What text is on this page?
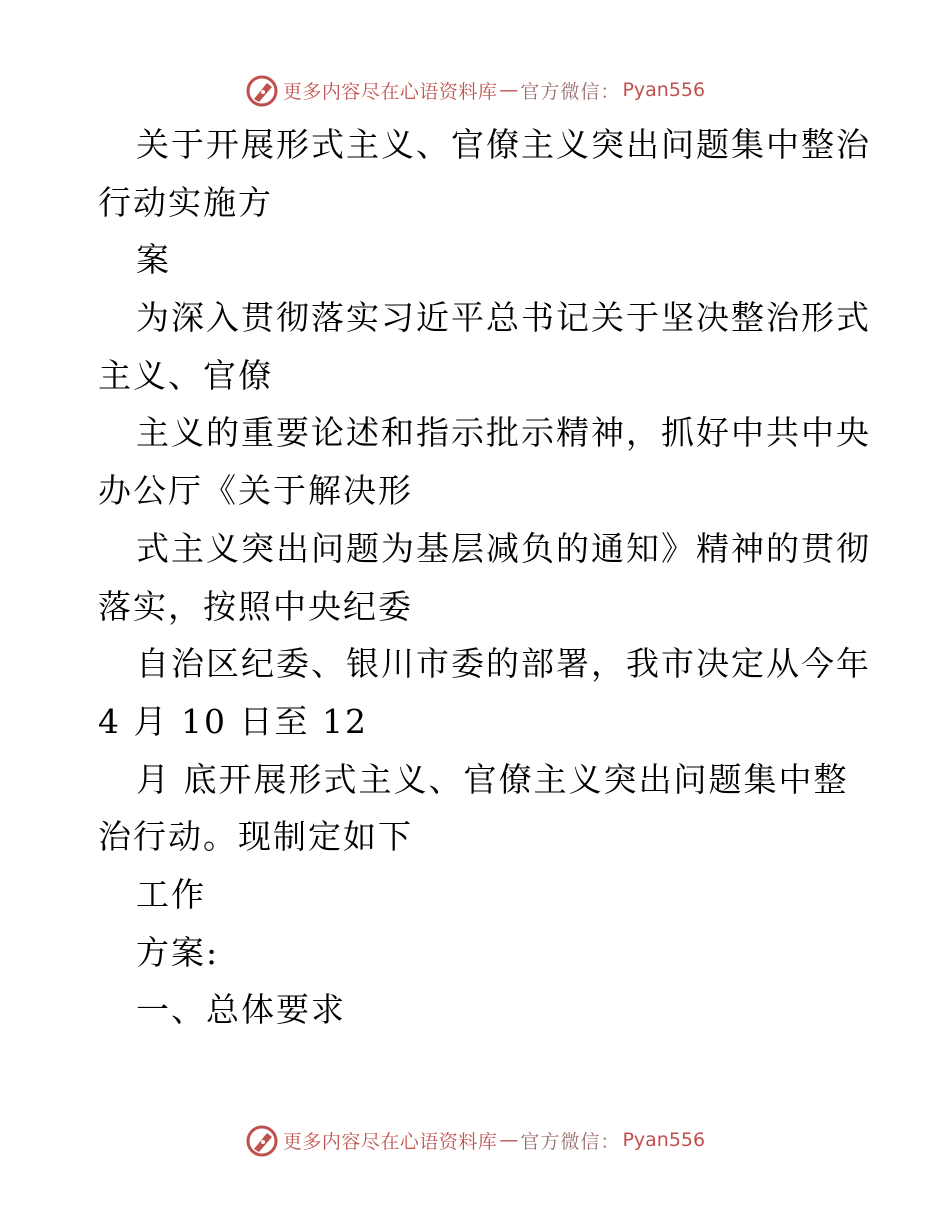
更多内容尽在心语资料库 — 官方微信： Pyan556
关于开展形式主义、官僚主义突出问题集中整治
行动实施方
案
为深入贯彻落实习近平总书记关于坚决整治形式
主义、官僚
主义的重要论述和指示批示精神，抓好中共中央
办公厅《关于解决形
式主义突出问题为基层减负的通知》精神的贯彻
落实，按照中央纪委
自治区纪委、银川市委的部署，我市决定从今年
4 月 10 日至 12
月 底开展形式主义、官僚主义突出问题集中整
治行动。现制定如下
工作
方案:
一、总体要求
更多内容尽在心语资料库 — 官方微信： Pyan556
